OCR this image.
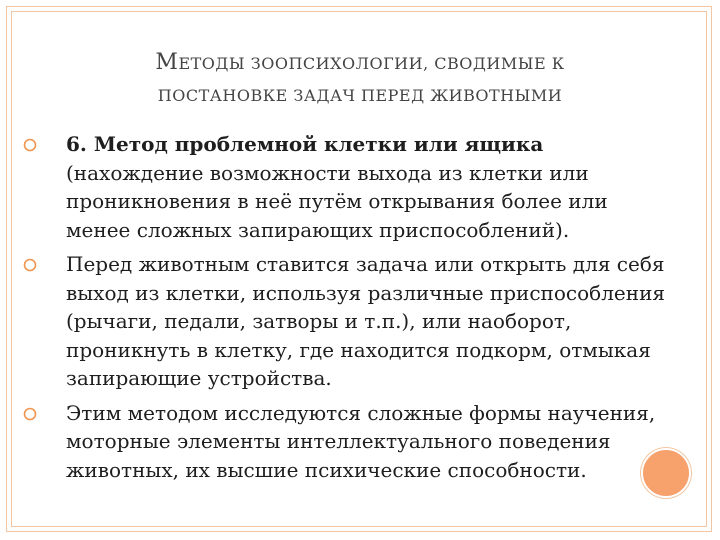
МЕТОДЫ ЗООПСИХОЛОГИИ, СВОДИМЫЕ К
ПОСТАНОВКЕ ЗАДАЧ ПЕРЕД ЖИВОТНЫМИ
6. Метод проблемной клетки или ящика (нахождение возможности выхода из клетки или проникновения в неё путём открывания более или менее сложных запирающих приспособлений).
Перед животным ставится задача или открыть для себя выход из клетки, используя различные приспособления (рычаги, педали, затворы и т.п.), или наоборот, проникнуть в клетку, где находится подкорм, отмыкая запирающие устройства.
Этим методом исследуются сложные формы научения, моторные элементы интеллектуального поведения животных, их высшие психические способности.
